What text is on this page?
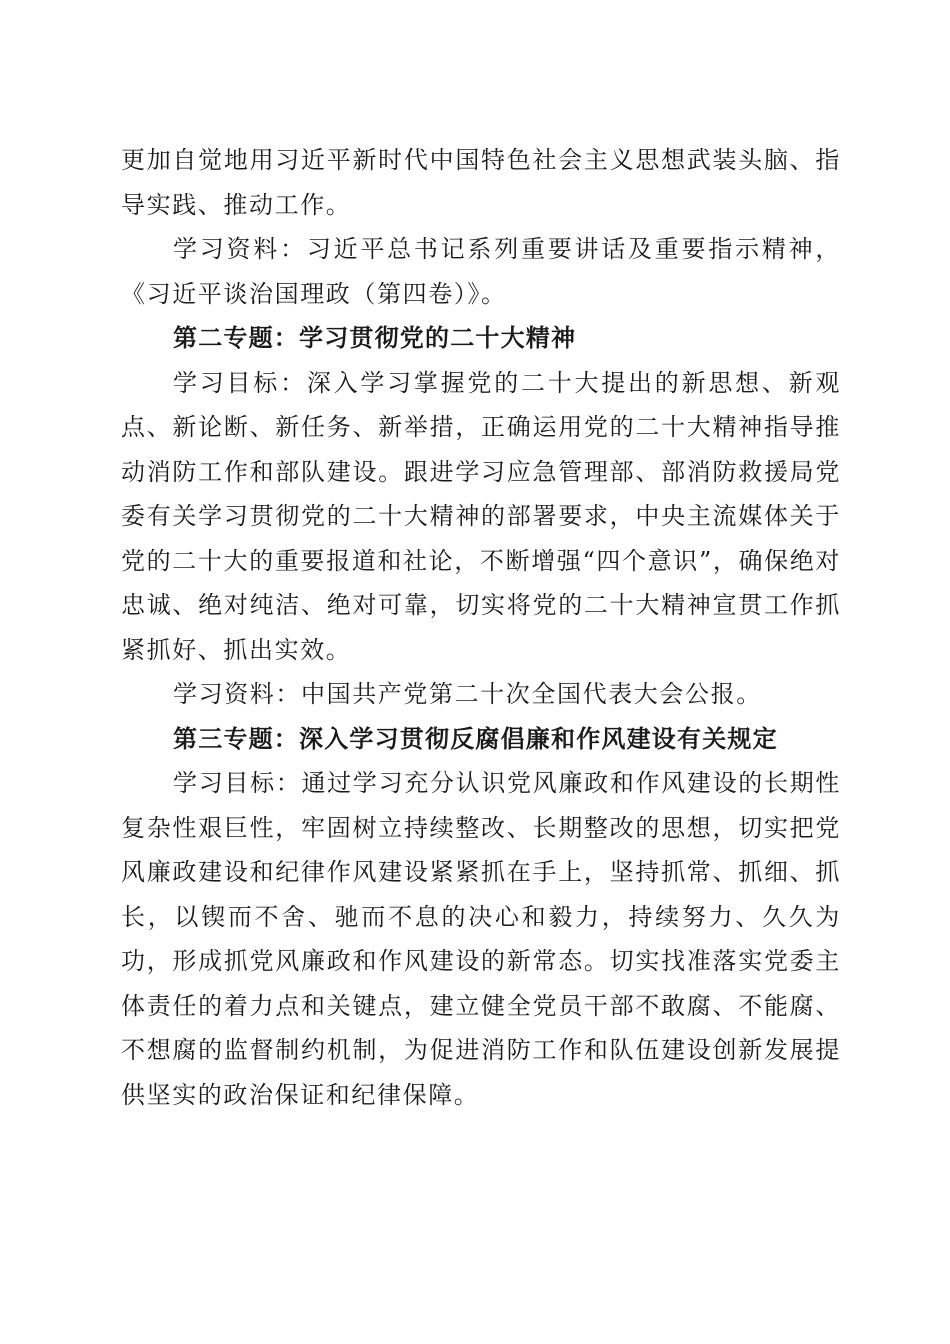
更加自觉地用习近平新时代中国特色社会主义思想武装头脑、指导实践、推动工作。

学习资料：习近平总书记系列重要讲话及重要指示精神，《习近平谈治国理政（第四卷）》。

第二专题：学习贯彻党的二十大精神

学习目标：深入学习掌握党的二十大提出的新思想、新观点、新论断、新任务、新举措，正确运用党的二十大精神指导推动消防工作和部队建设。跟进学习应急管理部、部消防救援局党委有关学习贯彻党的二十大精神的部署要求，中央主流媒体关于党的二十大的重要报道和社论，不断增强“四个意识”，确保绝对忠诚、绝对纯洁、绝对可靠，切实将党的二十大精神宣贯工作抓紧抓好、抓出实效。

学习资料：中国共产党第二十次全国代表大会公报。

第三专题：深入学习贯彻反腐倡廉和作风建设有关规定

学习目标：通过学习充分认识党风廉政和作风建设的长期性复杂性艰巨性，牢固树立持续整改、长期整改的思想，切实把党风廉政建设和纪律作风建设紧紧抓在手上，坚持抓常、抓细、抓长，以锲而不舍、驰而不息的决心和毅力，持续努力、久久为功，形成抓党风廉政和作风建设的新常态。切实找准落实党委主体责任的着力点和关键点，建立健全党员干部不敢腐、不能腐、不想腐的监督制约机制，为促进消防工作和队伍建设创新发展提供坚实的政治保证和纪律保障。
